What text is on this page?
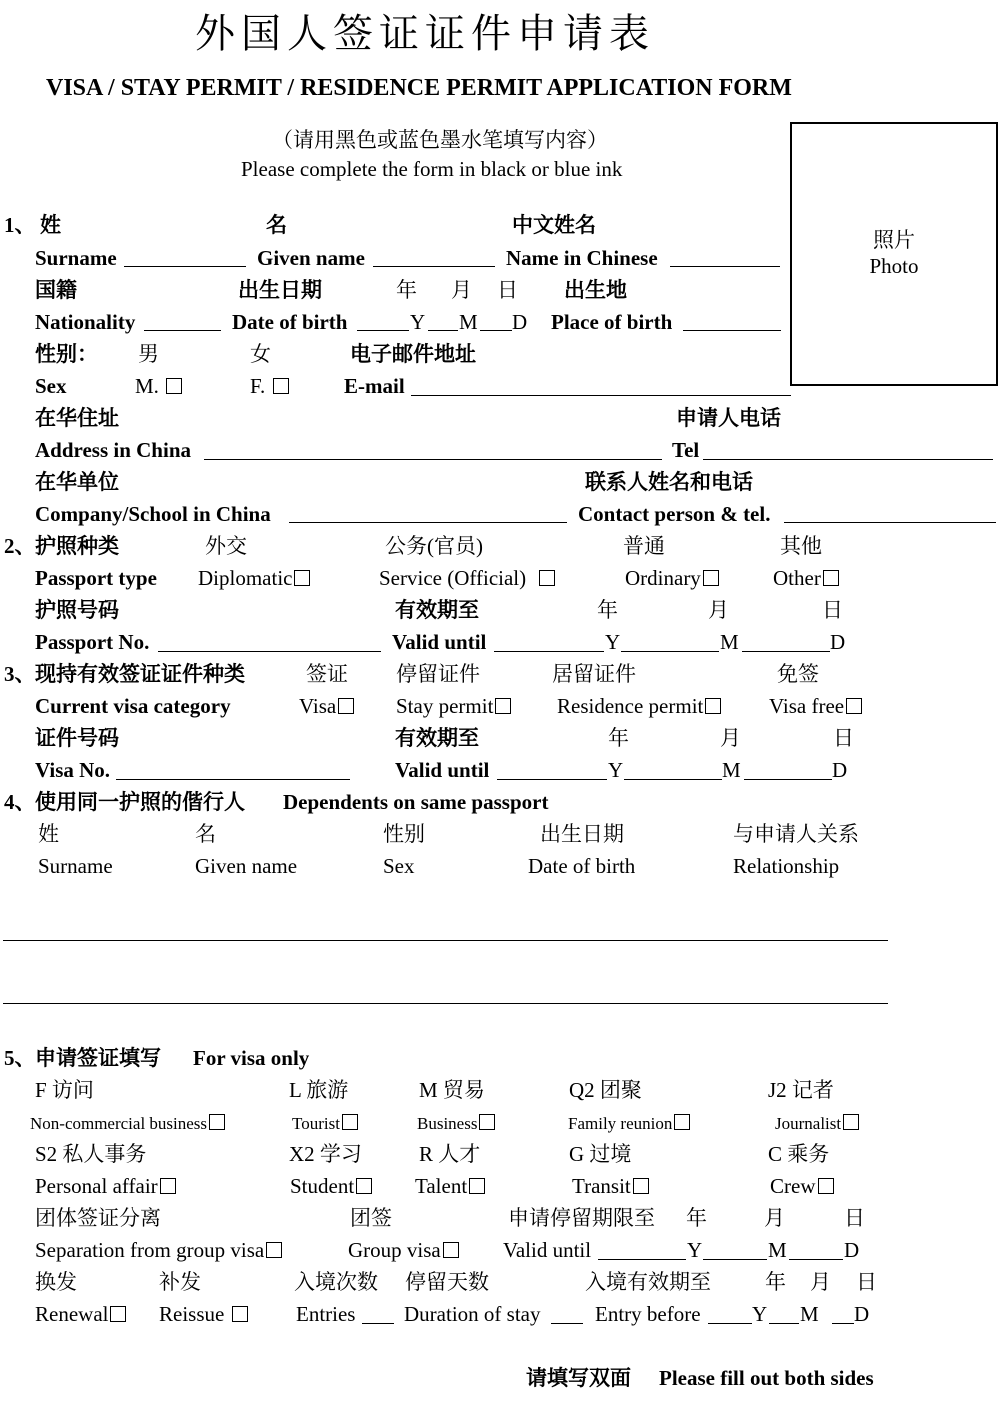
外国人签证证件申请表
VISA / STAY PERMIT / RESIDENCE PERMIT APPLICATION FORM
（请用黑色或蓝色墨水笔填写内容）
Please complete the form in black or blue ink
照片
Photo
1、 姓	名	中文姓名
Surname	Given name	Name in Chinese
国籍	出生日期	年 月 日 出生地
Nationality	Date of birth	Y M D Place of birth
性别： 男	女	电子邮件地址
Sex	M.	F.	E-mail
在华住址	申请人电话
Address in China	Tel
在华单位	联系人姓名和电话
Company/School in China	Contact person & tel.
2、 护照种类	外交	公务(官员)	普通	其他
Passport type Diplomatic	Service (Official)	Ordinary	Other
护照号码	有效期至	年	月	日
Passport No.	Valid until	Y	M	D
3、 现持有效签证证件种类	签证 停留证件	居留证件	免签
Current visa category	Visa	Stay permit	Residence permit	Visa free
证件号码	有效期至	年	月	日
Visa No.	Valid until	Y	M	D
4、 使用同一护照的偕行人 Dependents on same passport
姓	名	性别	出生日期	与申请人关系
Surname	Given name	Sex	Date of birth	Relationship
5、 申请签证填写 For visa only
F 访问	L 旅游	M 贸易	Q2 团聚	J2 记者
Non-commercial business	Tourist	Business	Family reunion	Journalist
S2 私人事务	X2 学习	R 人才	G 过境	C 乘务
Personal affair	Student	Talent	Transit	Crew
团体签证分离	团签	申请停留期限至 年	月	日
Separation from group visa	Group visa	Valid until	Y	M	D
换发	补发	入境次数 停留天数	入境有效期至	年 月 日
Renewal	Reissue	Entries Duration of stay	Entry before Y M D
请填写双面 Please fill out both sides
